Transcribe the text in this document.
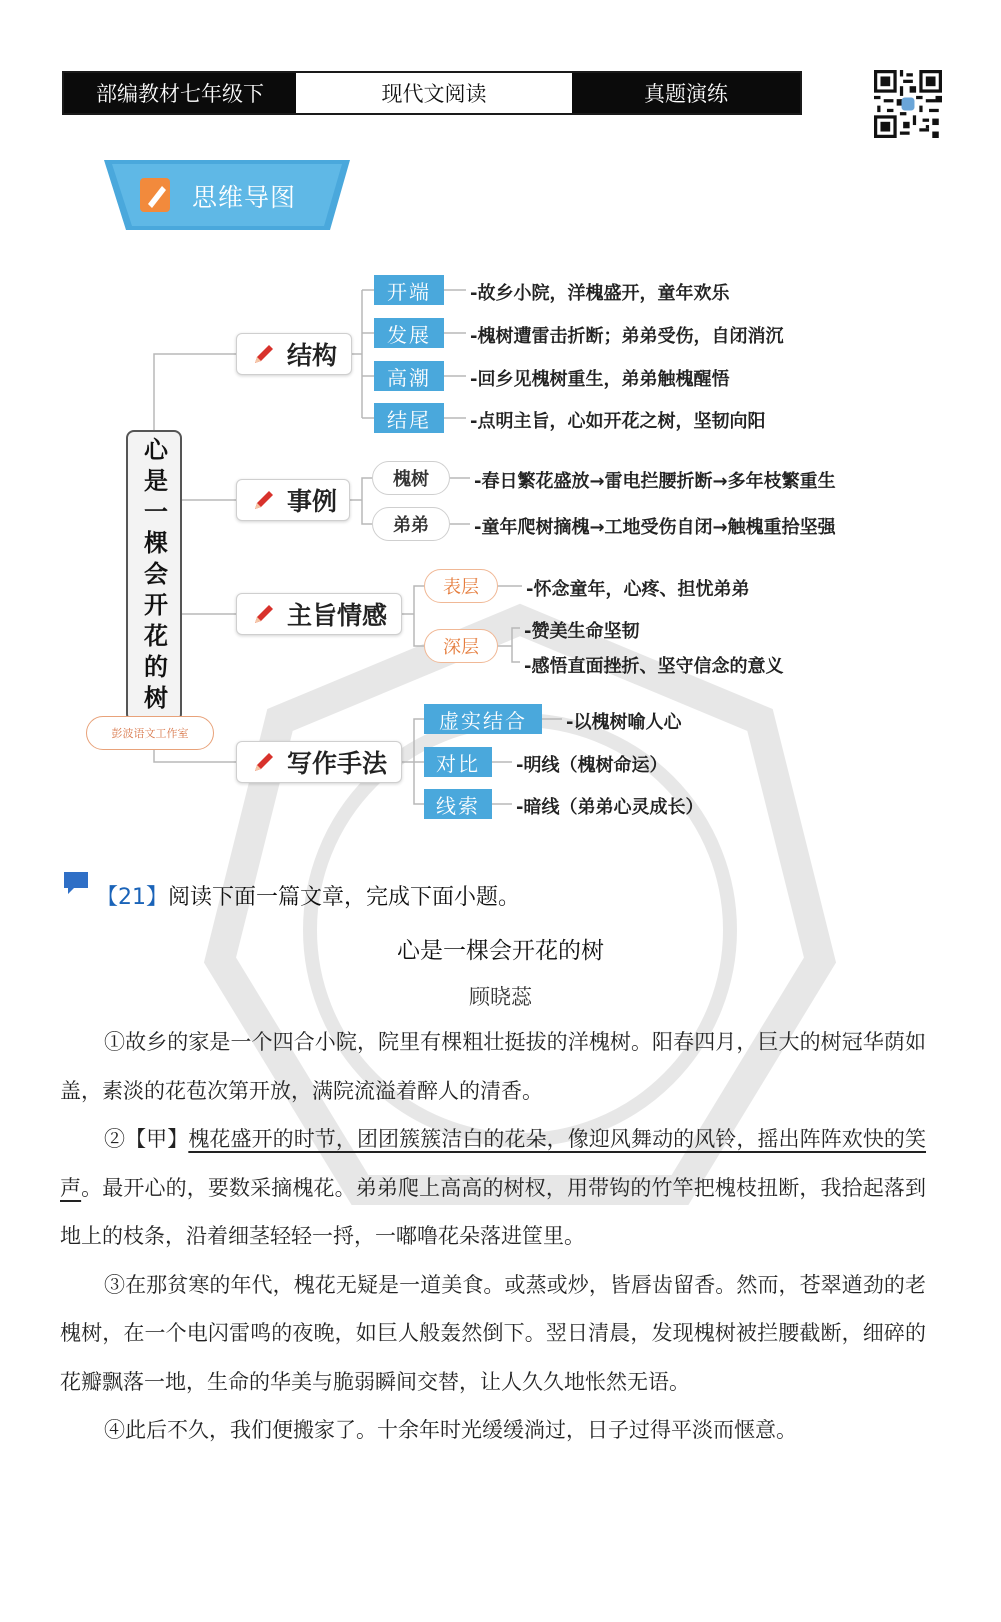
部编教材七年级下	现代文阅读	真题演练
思维导图
心是一棵会开花的树
结构
开端
发展
高潮
结尾
-故乡小院，洋槐盛开，童年欢乐
-槐树遭雷击折断；弟弟受伤，自闭消沉
-回乡见槐树重生，弟弟触槐醒悟
-点明主旨，心如开花之树，坚韧向阳
事例
槐树
弟弟
-春日繁花盛放→雷电拦腰折断→多年枝繁重生
-童年爬树摘槐→工地受伤自闭→触槐重拾坚强
主旨情感
表层
深层
-怀念童年，心疼、担忧弟弟
-赞美生命坚韧
-感悟直面挫折、坚守信念的意义
写作手法
虚实结合
对比
线索
-以槐树喻人心
-明线（槐树命运）
-暗线（弟弟心灵成长）
彭波语文工作室
【21】阅读下面一篇文章，完成下面小题。
心是一棵会开花的树
顾晓蕊

①故乡的家是一个四合小院，院里有棵粗壮挺拔的洋槐树。阳春四月，巨大的树冠华荫如盖，素淡的花苞次第开放，满院流溢着醉人的清香。

②【甲】槐花盛开的时节，团团簇簇洁白的花朵，像迎风舞动的风铃，摇出阵阵欢快的笑声。最开心的，要数采摘槐花。弟弟爬上高高的树杈，用带钩的竹竿把槐枝扭断，我拾起落到地上的枝条，沿着细茎轻轻一捋，一嘟噜花朵落进筐里。

③在那贫寒的年代，槐花无疑是一道美食。或蒸或炒，皆唇齿留香。然而，苍翠遒劲的老槐树，在一个电闪雷鸣的夜晚，如巨人般轰然倒下。翌日清晨，发现槐树被拦腰截断，细碎的花瓣飘落一地，生命的华美与脆弱瞬间交替，让人久久地怅然无语。

④此后不久，我们便搬家了。十余年时光缓缓淌过，日子过得平淡而惬意。
